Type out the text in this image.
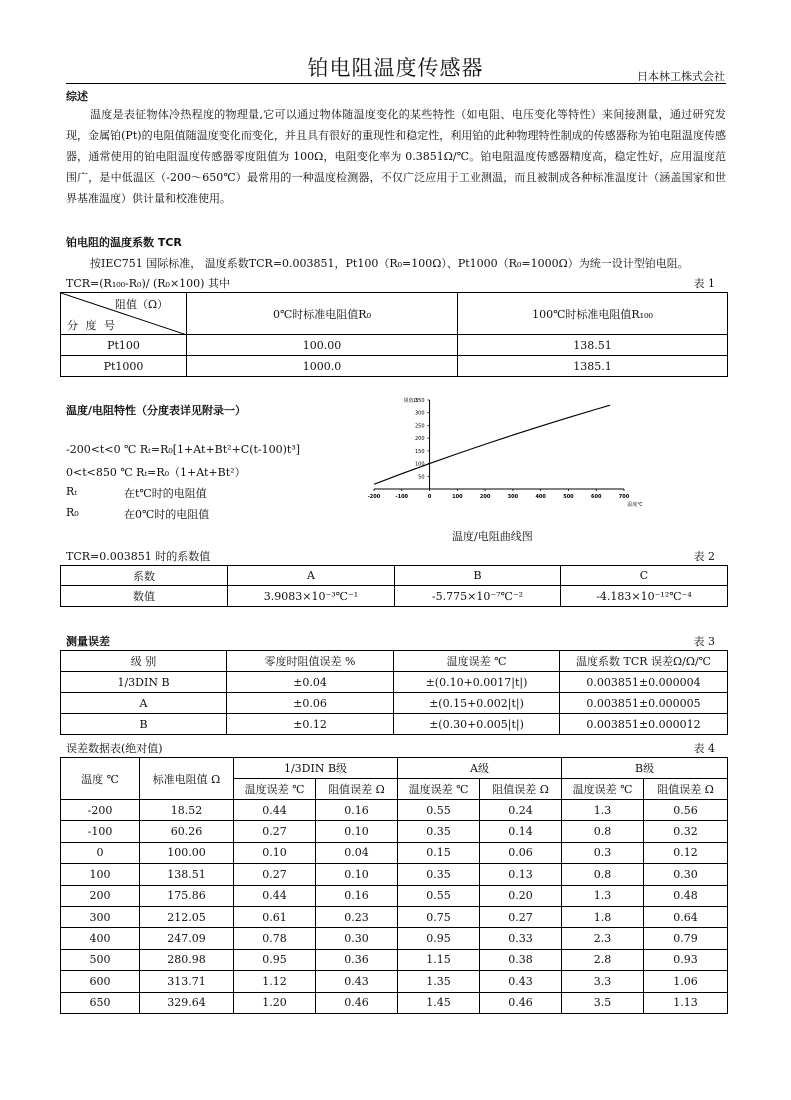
铂电阻温度传感器	日本林工株式会社
综述

温度是表征物体冷热程度的物理量,它可以通过物体随温度变化的某些特性（如电阻、电压变化等特性）来间接测量，通过研究发现，金属铂(Pt)的电阻值随温度变化而变化，并且具有很好的重现性和稳定性，利用铂的此种物理特性制成的传感器称为铂电阻温度传感器，通常使用的铂电阻温度传感器零度阻值为 100Ω，电阻变化率为 0.3851Ω/℃。铂电阻温度传感器精度高，稳定性好，应用温度范围广，是中低温区（-200～650℃）最常用的一种温度检测器，不仅广泛应用于工业测温，而且被制成各种标准温度计（涵盖国家和世界基准温度）供计量和校准使用。

铂电阻的温度系数 TCR
按IEC751 国际标准， 温度系数TCR=0.003851，Pt100（R₀=100Ω）、Pt1000（R₀=1000Ω）为统一设计型铂电阻。
TCR=(R₁₀₀-R₀)/ (R₀×100) 其中	表 1
阻值（Ω）
分 度 号	0℃时标准电阻值R₀	100℃时标准电阻值R₁₀₀
Pt100	100.00	138.51
Pt1000	1000.0	1385.1
温度/电阻特性（分度表详见附录一）
-200<t<0 ℃ Rₜ=R₀[1+At+Bt²+C(t-100)t³]
0<t<850 ℃ Rₜ=R₀（1+At+Bt²）
Rₜ	在t℃时的电阻值
R₀	在0℃时的电阻值
50
100
150
200
250
300
350
-200	-100	0	100	200	300	400	500	600	700
阻值Ω
温度℃
温度/电阻曲线图
TCR=0.003851 时的系数值	表 2
系数	A	B	C
数值	3.9083×10⁻³℃⁻¹	-5.775×10⁻⁷℃⁻²	-4.183×10⁻¹²℃⁻⁴
测量误差	表 3
级 别	零度时阻值误差 %	温度误差 ℃	温度系数 TCR 误差Ω/Ω/℃
1/3DIN B	±0.04	±(0.10+0.0017|t|)	0.003851±0.000004
A	±0.06	±(0.15+0.002|t|)	0.003851±0.000005
B	±0.12	±(0.30+0.005|t|)	0.003851±0.000012
误差数据表(绝对值)	表 4
温度 ℃	标准电阻值 Ω	1/3DIN B级		A级		B级	
		温度误差 ℃	阻值误差 Ω	温度误差 ℃	阻值误差 Ω	温度误差 ℃	阻值误差 Ω
-200	18.52	0.44	0.16	0.55	0.24	1.3	0.56
-100	60.26	0.27	0.10	0.35	0.14	0.8	0.32
0	100.00	0.10	0.04	0.15	0.06	0.3	0.12
100	138.51	0.27	0.10	0.35	0.13	0.8	0.30
200	175.86	0.44	0.16	0.55	0.20	1.3	0.48
300	212.05	0.61	0.23	0.75	0.27	1.8	0.64
400	247.09	0.78	0.30	0.95	0.33	2.3	0.79
500	280.98	0.95	0.36	1.15	0.38	2.8	0.93
600	313.71	1.12	0.43	1.35	0.43	3.3	1.06
650	329.64	1.20	0.46	1.45	0.46	3.5	1.13
